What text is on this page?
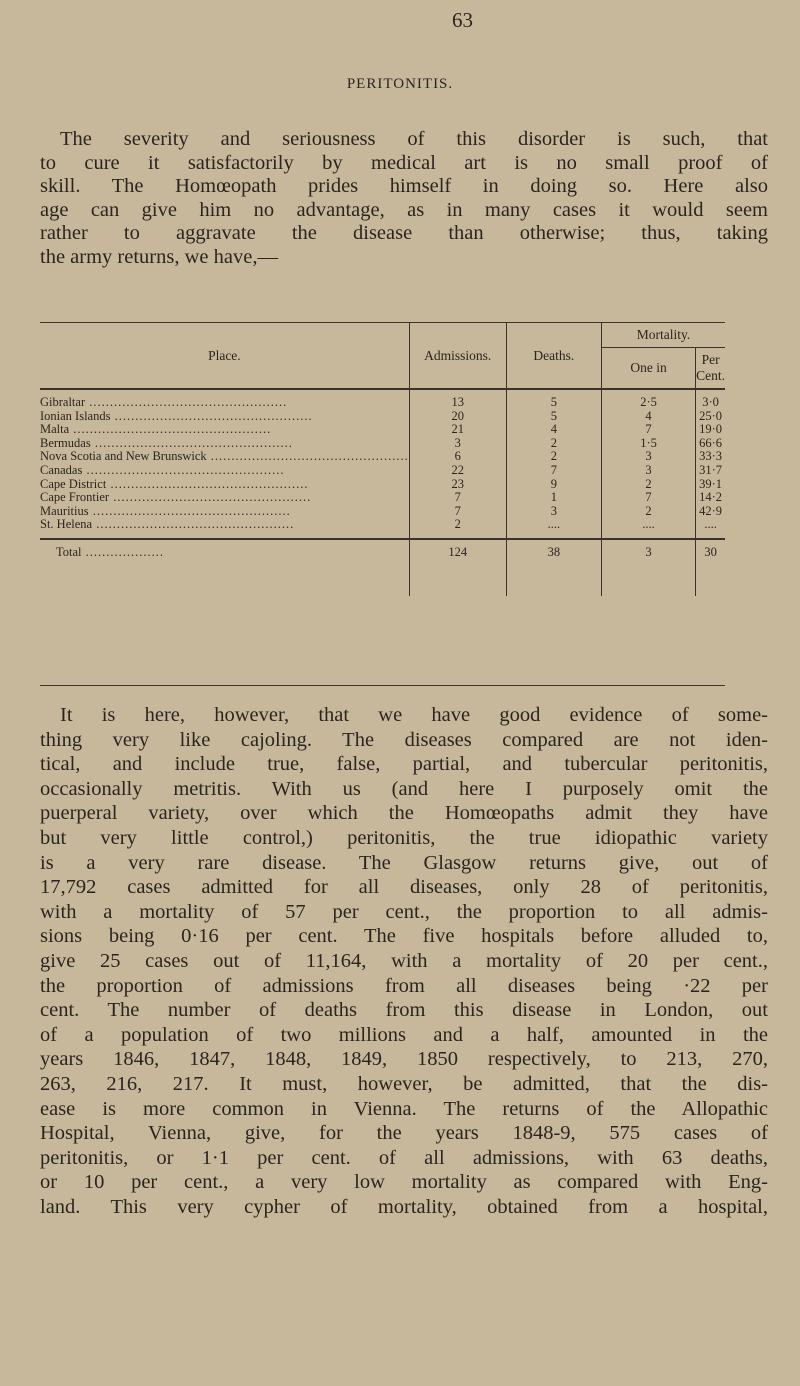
63
PERITONITIS.
The severity and seriousness of this disorder is such, that
to cure it satisfactorily by medical art is no small proof of
skill. The Homœopath prides himself in doing so. Here also
age can give him no advantage, as in many cases it would seem
rather to aggravate the disease than otherwise; thus, taking
the army returns, we have,—
Place.	Admissions.	Deaths.	Mortality.	
			One in	Per Cent.

Gibraltar ................................................	13	5	2·5	3·0
Ionian Islands ................................................	20	5	4	25·0
Malta ................................................	21	4	7	19·0
Bermudas ................................................	3	2	1·5	66·6
Nova Scotia and New Brunswick ................................................	6	2	3	33·3
Canadas ................................................	22	7	3	31·7
Cape District ................................................	23	9	2	39·1
Cape Frontier ................................................	7	1	7	14·2
Mauritius ................................................	7	3	2	42·9
St. Helena ................................................	2	....	....	....

Total ...................	124	38	3	30
It is here, however, that we have good evidence of some-
thing very like cajoling. The diseases compared are not iden-
tical, and include true, false, partial, and tubercular peritonitis,
occasionally metritis. With us (and here I purposely omit the
puerperal variety, over which the Homœopaths admit they have
but very little control,) peritonitis, the true idiopathic variety
is a very rare disease. The Glasgow returns give, out of
17,792 cases admitted for all diseases, only 28 of peritonitis,
with a mortality of 57 per cent., the proportion to all admis-
sions being 0·16 per cent. The five hospitals before alluded to,
give 25 cases out of 11,164, with a mortality of 20 per cent.,
the proportion of admissions from all diseases being ·22 per
cent. The number of deaths from this disease in London, out
of a population of two millions and a half, amounted in the
years 1846, 1847, 1848, 1849, 1850 respectively, to 213, 270,
263, 216, 217. It must, however, be admitted, that the dis-
ease is more common in Vienna. The returns of the Allopathic
Hospital, Vienna, give, for the years 1848-9, 575 cases of
peritonitis, or 1·1 per cent. of all admissions, with 63 deaths,
or 10 per cent., a very low mortality as compared with Eng-
land. This very cypher of mortality, obtained from a hospital,
